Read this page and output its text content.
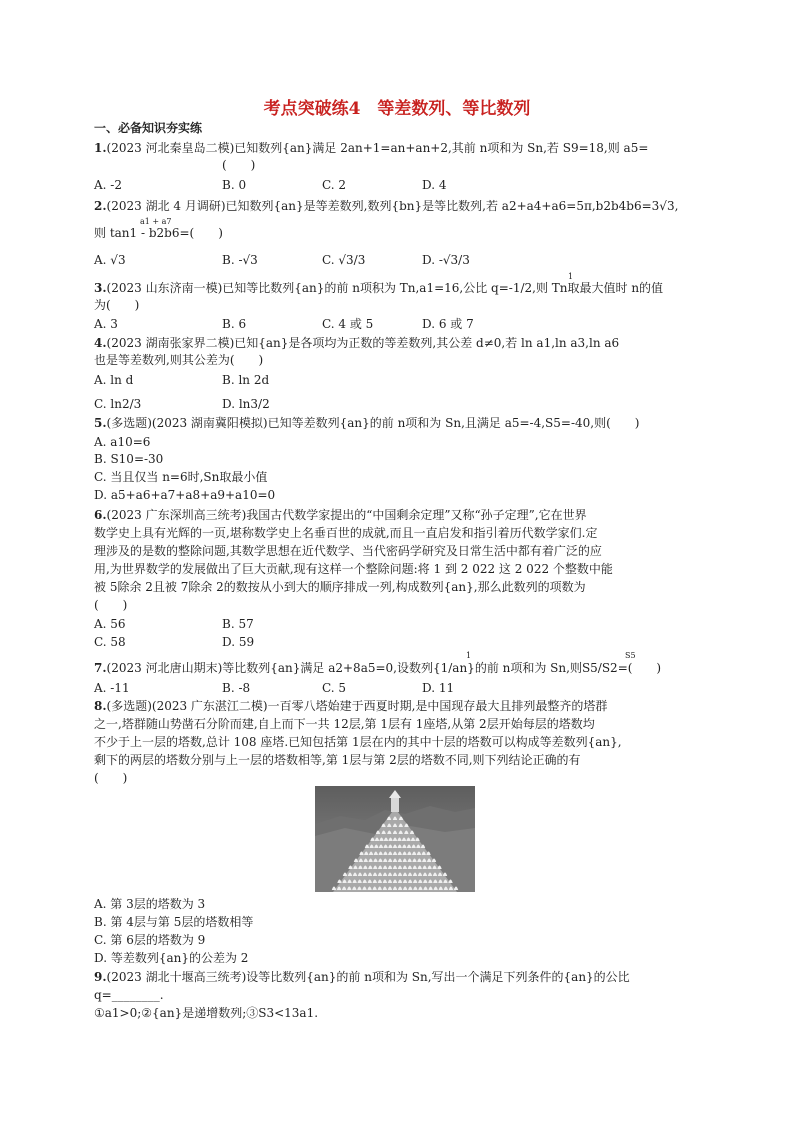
考点突破练4　等差数列、等比数列
一、必备知识夯实练
1.(2023 河北秦皇岛二模)已知数列{an}满足 2an+1=an+an+2,其前 n项和为 Sn,若 S9=18,则 a5=
(　　)
A. -2	B. 0	C. 2	D. 4
2.(2023 湖北 4 月调研)已知数列{an}是等差数列,数列{bn}是等比数列,若 a2+a4+a6=5π,b2b4b6=3√3,
a1 + a7
则 tan1 - b2b6=(　　)
A. √3	B. -√3	C. √3/3	D. -√3/3
1
3.(2023 山东济南一模)已知等比数列{an}的前 n项积为 Tn,a1=16,公比 q=-1/2,则 Tn取最大值时 n的值
为(　　)
A. 3	B. 6	C. 4 或 5	D. 6 或 7
4.(2023 湖南张家界二模)已知{an}是各项均为正数的等差数列,其公差 d≠0,若 ln a1,ln a3,ln a6
也是等差数列,则其公差为(　　)
A. ln d	B. ln 2d
C. ln2/3	D. ln3/2
5.(多选题)(2023 湖南冀阳模拟)已知等差数列{an}的前 n项和为 Sn,且满足 a5=-4,S5=-40,则(　　)
A. a10=6
B. S10=-30
C. 当且仅当 n=6时,Sn取最小值
D. a5+a6+a7+a8+a9+a10=0
6.(2023 广东深圳高三统考)我国古代数学家提出的“中国剩余定理”又称“孙子定理”,它在世界
数学史上具有光辉的一页,堪称数学史上名垂百世的成就,而且一直启发和指引着历代数学家们.定
理涉及的是数的整除问题,其数学思想在近代数学、当代密码学研究及日常生活中都有着广泛的应
用,为世界数学的发展做出了巨大贡献,现有这样一个整除问题:将 1 到 2 022 这 2 022 个整数中能
被 5除余 2且被 7除余 2的数按从小到大的顺序排成一列,构成数列{an},那么此数列的项数为
(　　)
A. 56	B. 57
C. 58	D. 59
1	S5
7.(2023 河北唐山期末)等比数列{an}满足 a2+8a5=0,设数列{1/an}的前 n项和为 Sn,则S5/S2=(　　)
A. -11	B. -8	C. 5	D. 11
8.(多选题)(2023 广东湛江二模)一百零八塔始建于西夏时期,是中国现存最大且排列最整齐的塔群
之一,塔群随山势凿石分阶而建,自上而下一共 12层,第 1层有 1座塔,从第 2层开始每层的塔数均
不少于上一层的塔数,总计 108 座塔.已知包括第 1层在内的其中十层的塔数可以构成等差数列{an},
剩下的两层的塔数分别与上一层的塔数相等,第 1层与第 2层的塔数不同,则下列结论正确的有
(　　)
A. 第 3层的塔数为 3
B. 第 4层与第 5层的塔数相等
C. 第 6层的塔数为 9
D. 等差数列{an}的公差为 2
9.(2023 湖北十堰高三统考)设等比数列{an}的前 n项和为 Sn,写出一个满足下列条件的{an}的公比
q=________.
①a1>0;②{an}是递增数列;③S3<13a1.
